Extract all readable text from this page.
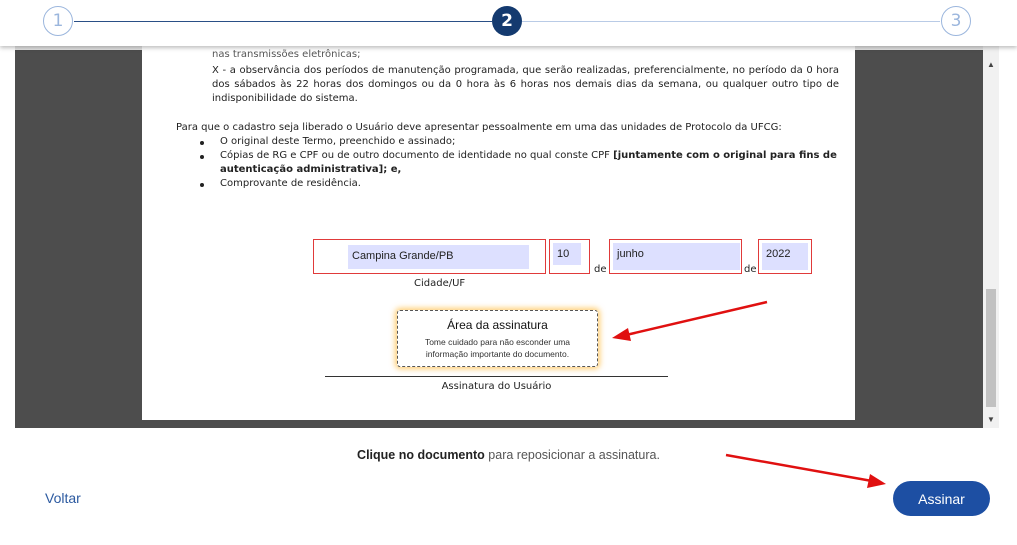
1	2	3
nas transmissões eletrônicas;
X - a observância dos períodos de manutenção programada, que serão realizadas, preferencialmente, no período da 0 hora
dos sábados às 22 horas dos domingos ou da 0 hora às 6 horas nos demais dias da semana, ou qualquer outro tipo de
indisponibilidade do sistema.
Para que o cadastro seja liberado o Usuário deve apresentar pessoalmente em uma das unidades de Protocolo da UFCG:
O original deste Termo, preenchido e assinado;
Cópias de RG e CPF ou de outro documento de identidade no qual conste CPF [juntamente com o original para fins de
autenticação administrativa]; e,
Comprovante de residência.
Campina Grande/PB	10
de
junho
de
2022
Cidade/UF
Área da assinatura
Tome cuidado para não esconder uma
informação importante do documento.
Assinatura do Usuário
▲
▼
Clique no documento para reposicionar a assinatura.
Voltar	Assinar
